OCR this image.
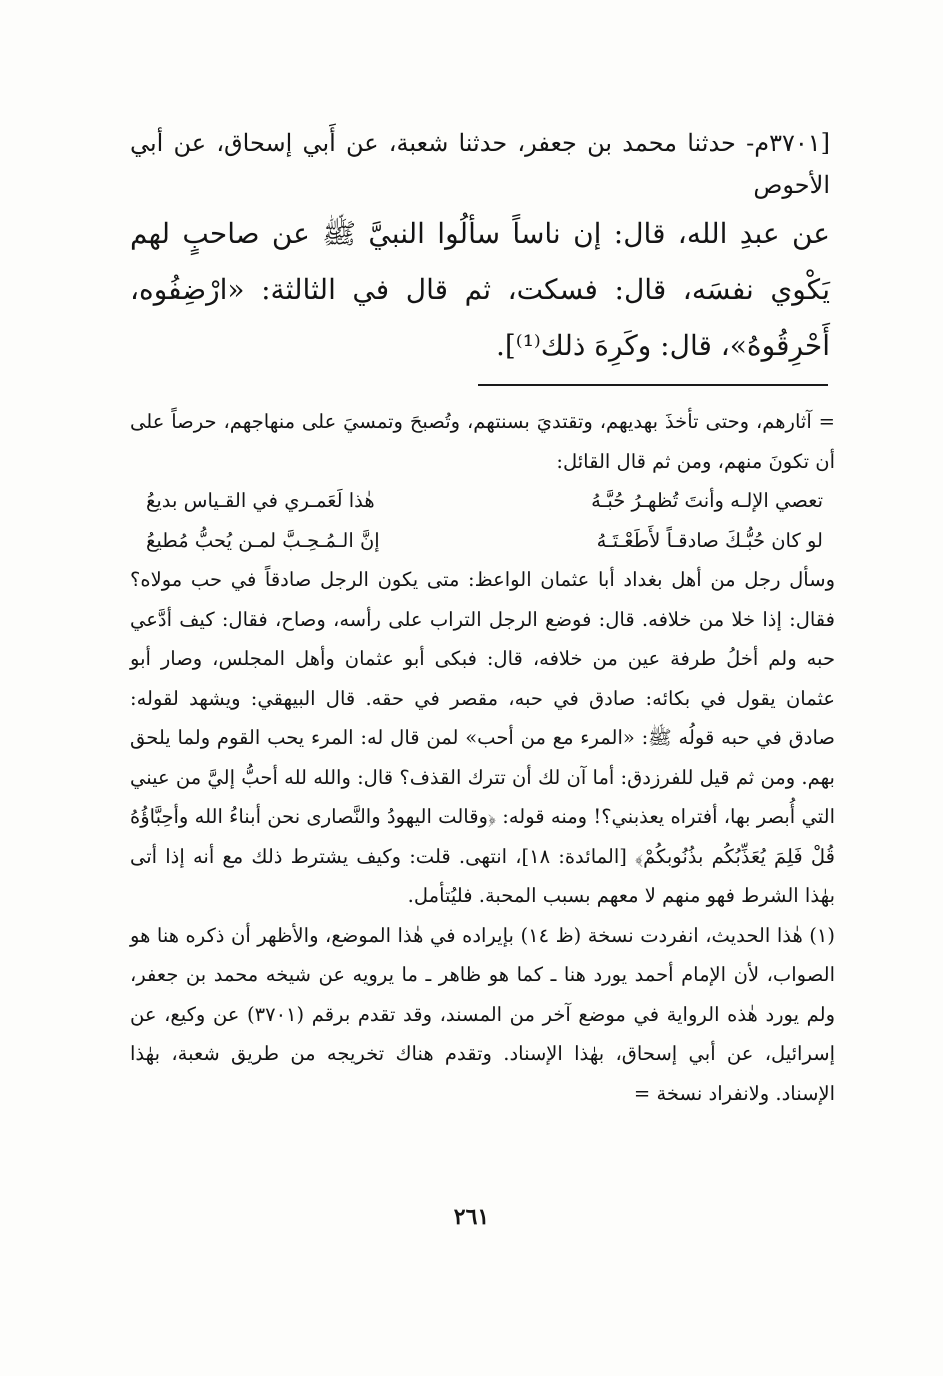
[٣٧٠١م- حدثنا محمد بن جعفر، حدثنا شعبة، عن أَبي إسحاق، عن أبي الأحوص

عن عبدِ الله، قال: إن ناساً سألُوا النبيَّ ﷺ عن صاحبٍ لهم يَكْوي نفسَه، قال: فسكت، ثم قال في الثالثة: «ارْضِفُوه، أَحْرِقُوهُ»، قال: وكَرِهَ ذلك⁽¹⁾].

= آثارهم، وحتى تأخذَ بهديهم، وتقتديَ بسنتهم، وتُصبحَ وتمسيَ على منهاجهم، حرصاً على أن تكونَ منهم، ومن ثم قال القائل:

تعصي الإلـه وأنتَ تُظهـرُ حُبَّـهُ
هٰذا لَعَمـري في القـياس بديعُ
لو كان حُبُّـكَ صادقـاً لأَطَعْـتَـهُ
إنَّ الـمُـحِـبَّ لمـن يُحبُّ مُطيعُ

وسأل رجل من أهل بغداد أبا عثمان الواعظ: متى يكون الرجل صادقاً في حب مولاه؟ فقال: إذا خلا من خلافه. قال: فوضع الرجل التراب على رأسه، وصاح، فقال: كيف أدَّعي حبه ولم أخلُ طرفة عين من خلافه، قال: فبكى أبو عثمان وأهل المجلس، وصار أبو عثمان يقول في بكائه: صادق في حبه، مقصر في حقه. قال البيهقي: ويشهد لقوله: صادق في حبه قولُه ﷺ: «المرء مع من أحب» لمن قال له: المرء يحب القوم ولما يلحق بهم. ومن ثم قيل للفرزدق: أما آن لك أن تترك القذف؟ قال: والله لله أحبُّ إليَّ من عيني التي أُبصر بها، أفتراه يعذبني؟! ومنه قوله: ﴿وقالت اليهودُ والنَّصارى نحن أبناءُ الله وأحِبَّاؤُهُ قُلْ فَلِمَ يُعَذِّبُكُم بذُنُوبكُمْ﴾ [المائدة: ١٨]، انتهى. قلت: وكيف يشترط ذلك مع أنه إذا أتى بهٰذا الشرط فهو منهم لا معهم بسبب المحبة. فليُتأمل.

(١) هٰذا الحديث، انفردت نسخة (ظ ١٤) بإيراده في هٰذا الموضع، والأظهر أن ذكره هنا هو الصواب، لأن الإمام أحمد يورد هنا ـ كما هو ظاهر ـ ما يرويه عن شيخه محمد بن جعفر، ولم يورد هٰذه الرواية في موضع آخر من المسند، وقد تقدم برقم (٣٧٠١) عن وكيع، عن إسرائيل، عن أبي إسحاق، بهٰذا الإسناد. وتقدم هناك تخريجه من طريق شعبة، بهٰذا الإسناد. ولانفراد نسخة =

٢٦١
